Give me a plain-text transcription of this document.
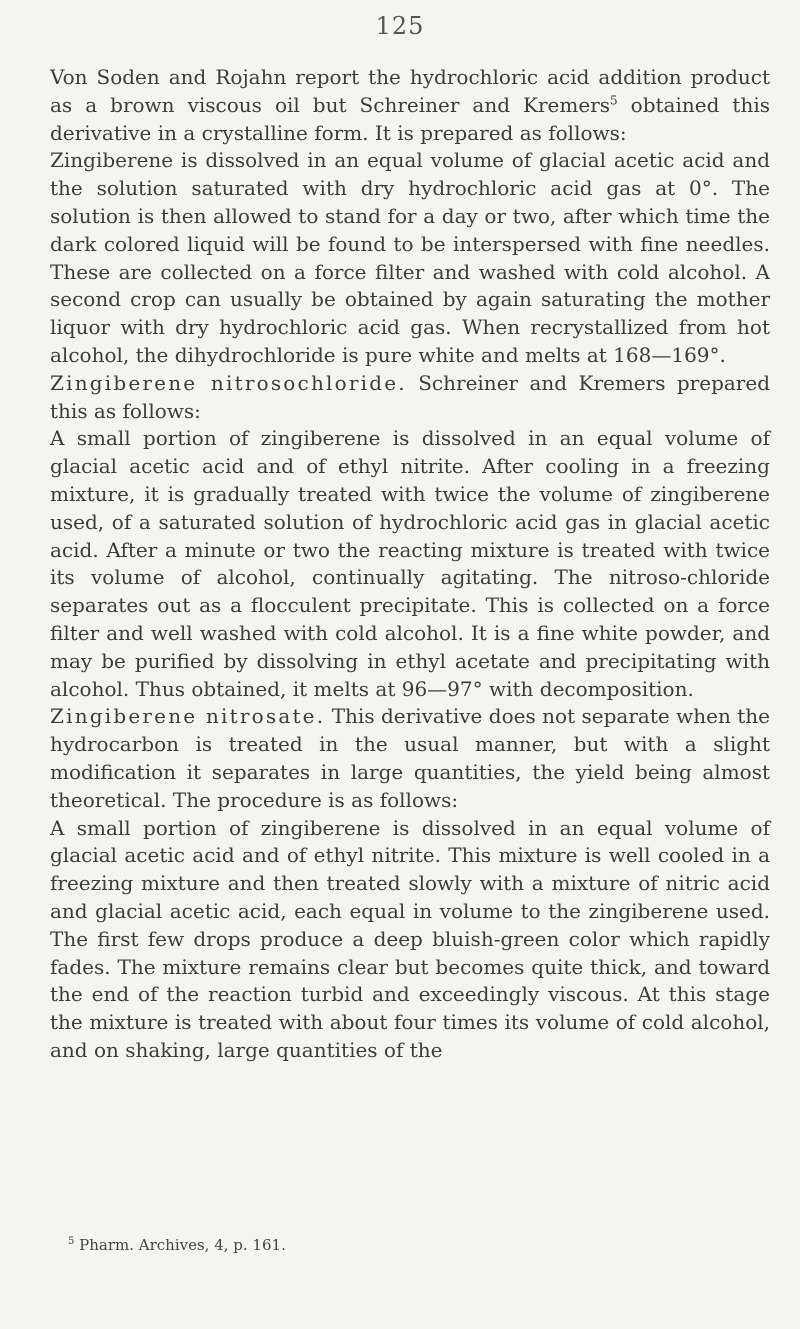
125

Von Soden and Rojahn report the hydrochloric acid addition product as a brown viscous oil but Schreiner and Kremers$^5$ obtained this derivative in a crystalline form. It is prepared as follows:

Zingiberene is dissolved in an equal volume of glacial acetic acid and the solution saturated with dry hydrochloric acid gas at 0°. The solution is then allowed to stand for a day or two, after which time the dark colored liquid will be found to be interspersed with fine needles. These are collected on a force filter and washed with cold alcohol. A second crop can usually be obtained by again saturating the mother liquor with dry hydrochloric acid gas. When recrystallized from hot alcohol, the dihydrochloride is pure white and melts at 168—169°.

Zingiberene nitrosochloride. Schreiner and Kremers prepared this as follows:

A small portion of zingiberene is dissolved in an equal volume of glacial acetic acid and of ethyl nitrite. After cooling in a freezing mixture, it is gradually treated with twice the volume of zingiberene used, of a saturated solution of hydrochloric acid gas in glacial acetic acid. After a minute or two the reacting mixture is treated with twice its volume of alcohol, continually agitating. The nitroso-chloride separates out as a flocculent precipitate. This is collected on a force filter and well washed with cold alcohol. It is a fine white powder, and may be purified by dissolving in ethyl acetate and precipitating with alcohol. Thus obtained, it melts at 96—97° with decomposition.

Zingiberene nitrosate. This derivative does not separate when the hydrocarbon is treated in the usual manner, but with a slight modification it separates in large quantities, the yield being almost theoretical. The procedure is as follows:

A small portion of zingiberene is dissolved in an equal volume of glacial acetic acid and of ethyl nitrite. This mixture is well cooled in a freezing mixture and then treated slowly with a mixture of nitric acid and glacial acetic acid, each equal in volume to the zingiberene used. The first few drops produce a deep bluish-green color which rapidly fades. The mixture remains clear but becomes quite thick, and toward the end of the reaction turbid and exceedingly viscous. At this stage the mixture is treated with about four times its volume of cold alcohol, and on shaking, large quantities of the

$^5$ Pharm. Archives, 4, p. 161.
